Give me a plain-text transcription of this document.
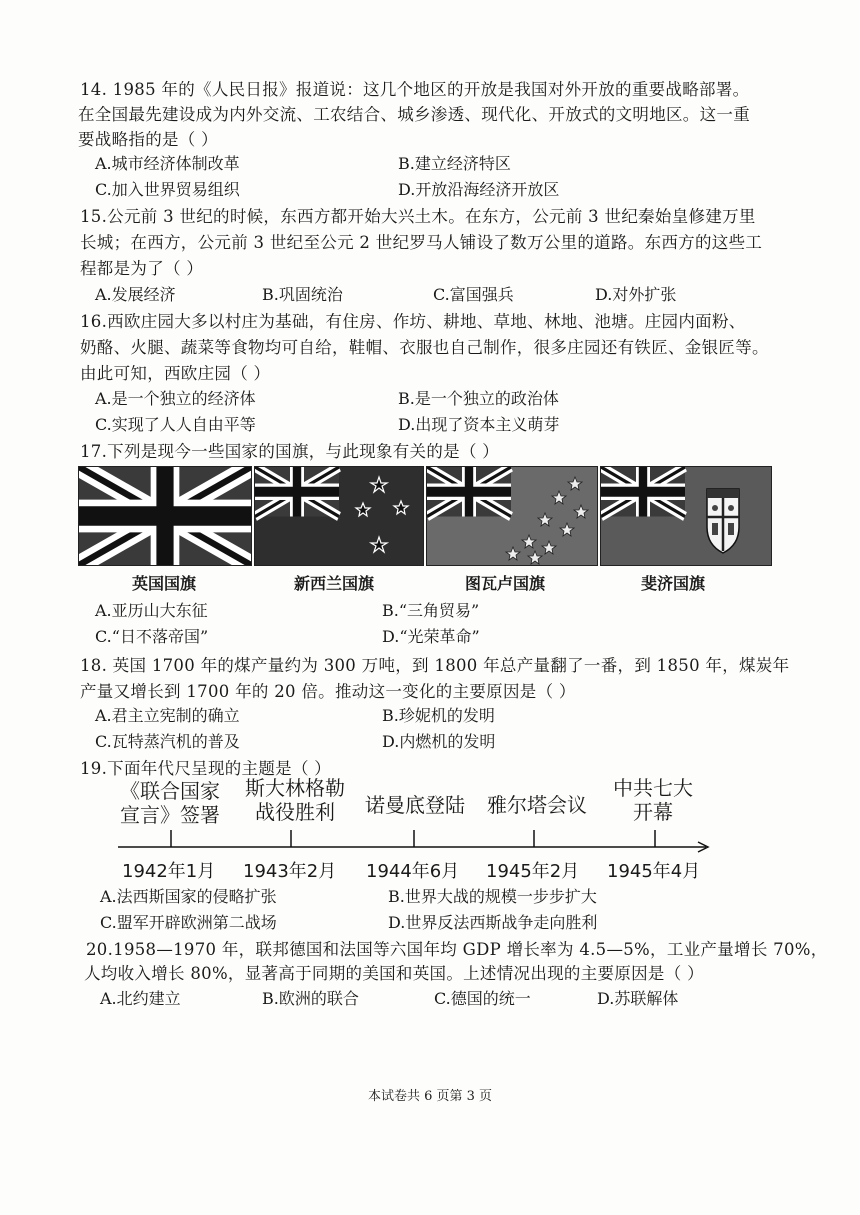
14. 1985 年的《人民日报》报道说：这几个地区的开放是我国对外开放的重要战略部署。
在全国最先建设成为内外交流、工农结合、城乡渗透、现代化、开放式的文明地区。这一重
要战略指的是（ ）
A.城市经济体制改革	B.建立经济特区
C.加入世界贸易组织	D.开放沿海经济开放区
15.公元前 3 世纪的时候，东西方都开始大兴土木。在东方，公元前 3 世纪秦始皇修建万里
长城；在西方，公元前 3 世纪至公元 2 世纪罗马人铺设了数万公里的道路。东西方的这些工
程都是为了（ ）
A.发展经济	B.巩固统治	C.富国强兵	D.对外扩张
16.西欧庄园大多以村庄为基础，有住房、作坊、耕地、草地、林地、池塘。庄园内面粉、
奶酪、火腿、蔬菜等食物均可自给，鞋帽、衣服也自己制作，很多庄园还有铁匠、金银匠等。
由此可知，西欧庄园（ ）
A.是一个独立的经济体	B.是一个独立的政治体
C.实现了人人自由平等	D.出现了资本主义萌芽
17.下列是现今一些国家的国旗，与此现象有关的是（ ）
英国国旗	新西兰国旗	图瓦卢国旗	斐济国旗
A.亚历山大东征	B.“三角贸易”
C.“日不落帝国”	D.“光荣革命”
18. 英国 1700 年的煤产量约为 300 万吨，到 1800 年总产量翻了一番，到 1850 年，煤炭年
产量又增长到 1700 年的 20 倍。推动这一变化的主要原因是（ ）
A.君主立宪制的确立	B.珍妮机的发明
C.瓦特蒸汽机的普及	D.内燃机的发明
19.下面年代尺呈现的主题是（ ）
《联合国家
宣言》签署
斯大林格勒
战役胜利	诺曼底登陆 雅尔塔会议
中共七大
开幕
1942年1月 1943年2月 1944年6月 1945年2月 1945年4月
A.法西斯国家的侵略扩张	B.世界大战的规模一步步扩大
C.盟军开辟欧洲第二战场	D.世界反法西斯战争走向胜利
20.1958—1970 年，联邦德国和法国等六国年均 GDP 增长率为 4.5—5%，工业产量增长 70%，
人均收入增长 80%，显著高于同期的美国和英国。上述情况出现的主要原因是（ ）
A.北约建立	B.欧洲的联合	C.德国的统一	D.苏联解体
本试卷共 6 页第 3 页
